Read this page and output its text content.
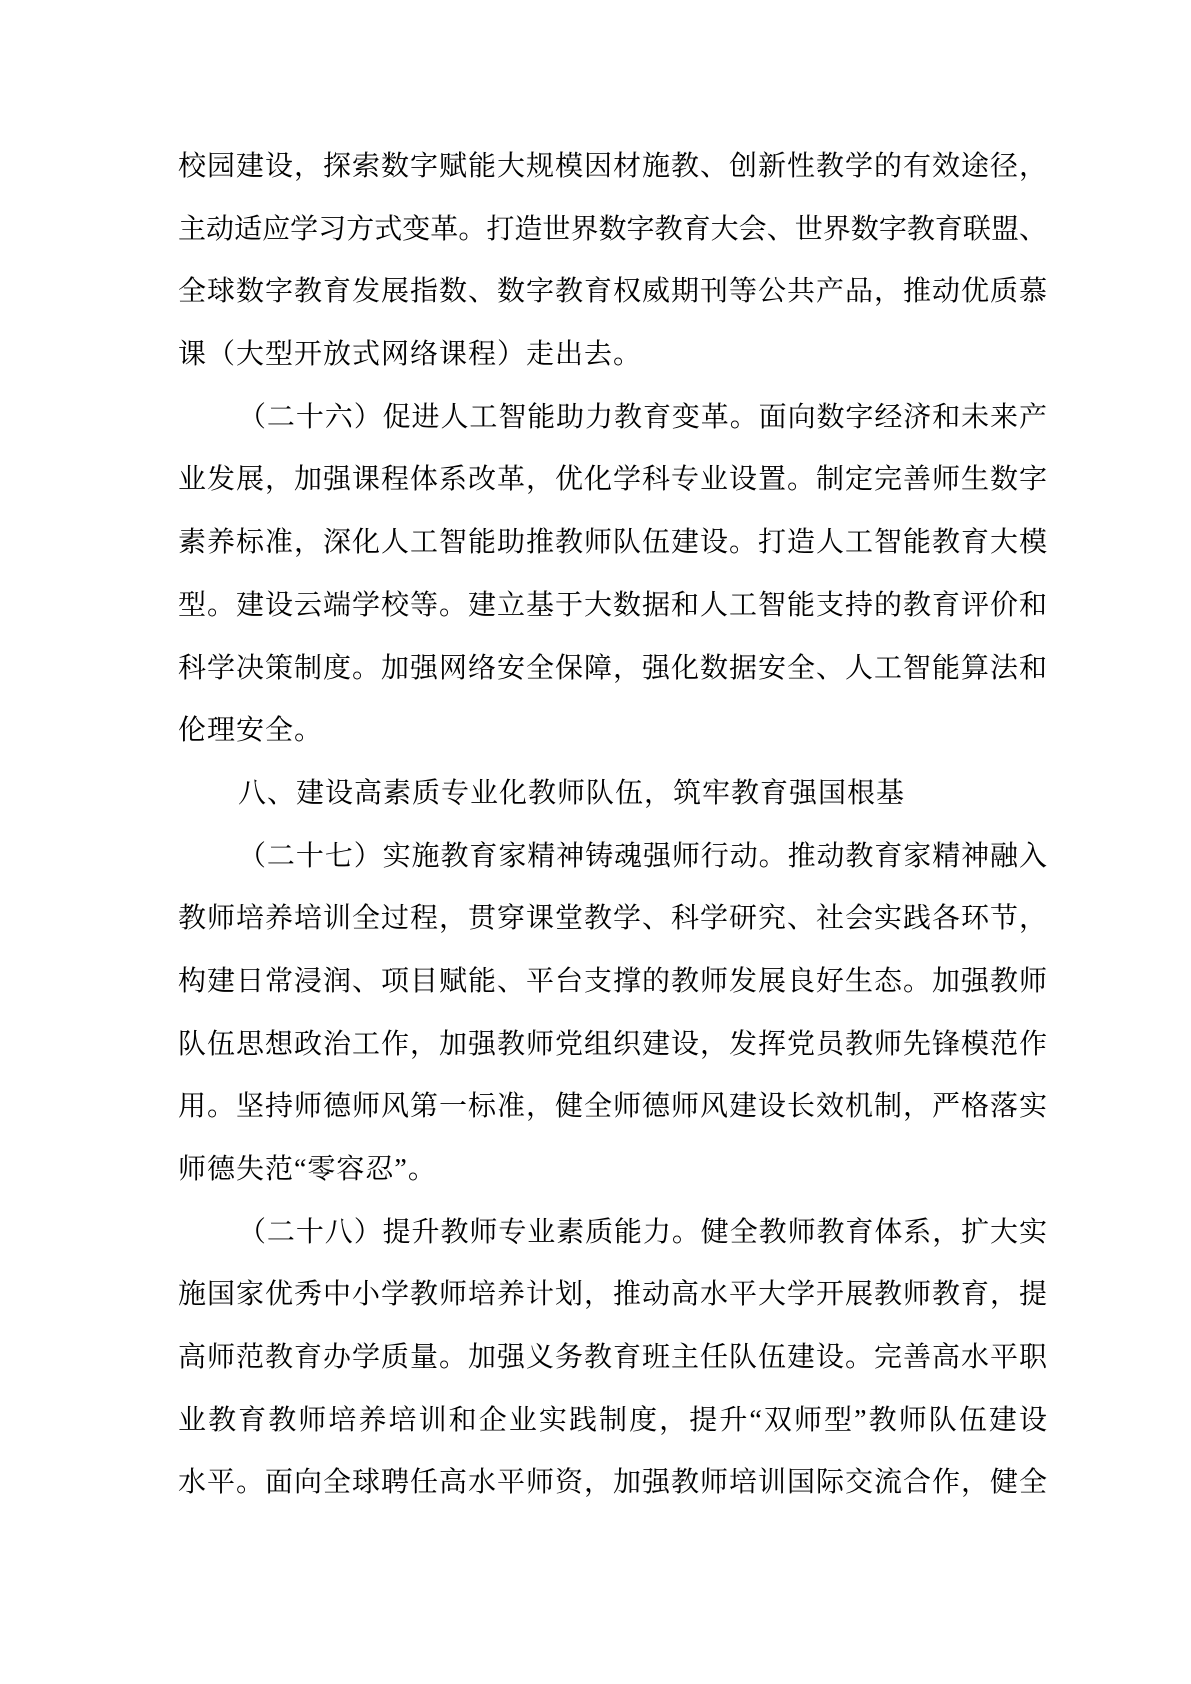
校园建设，探索数字赋能大规模因材施教、创新性教学的有效途径，
主动适应学习方式变革。打造世界数字教育大会、世界数字教育联盟、
全球数字教育发展指数、数字教育权威期刊等公共产品，推动优质慕
课（大型开放式网络课程）走出去。
（二十六）促进人工智能助力教育变革。面向数字经济和未来产
业发展，加强课程体系改革，优化学科专业设置。制定完善师生数字
素养标准，深化人工智能助推教师队伍建设。打造人工智能教育大模
型。建设云端学校等。建立基于大数据和人工智能支持的教育评价和
科学决策制度。加强网络安全保障，强化数据安全、人工智能算法和
伦理安全。
八、建设高素质专业化教师队伍，筑牢教育强国根基
（二十七）实施教育家精神铸魂强师行动。推动教育家精神融入
教师培养培训全过程，贯穿课堂教学、科学研究、社会实践各环节，
构建日常浸润、项目赋能、平台支撑的教师发展良好生态。加强教师
队伍思想政治工作，加强教师党组织建设，发挥党员教师先锋模范作
用。坚持师德师风第一标准，健全师德师风建设长效机制，严格落实
师德失范“零容忍”。
（二十八）提升教师专业素质能力。健全教师教育体系，扩大实
施国家优秀中小学教师培养计划，推动高水平大学开展教师教育，提
高师范教育办学质量。加强义务教育班主任队伍建设。完善高水平职
业教育教师培养培训和企业实践制度，提升“双师型”教师队伍建设
水平。面向全球聘任高水平师资，加强教师培训国际交流合作，健全
